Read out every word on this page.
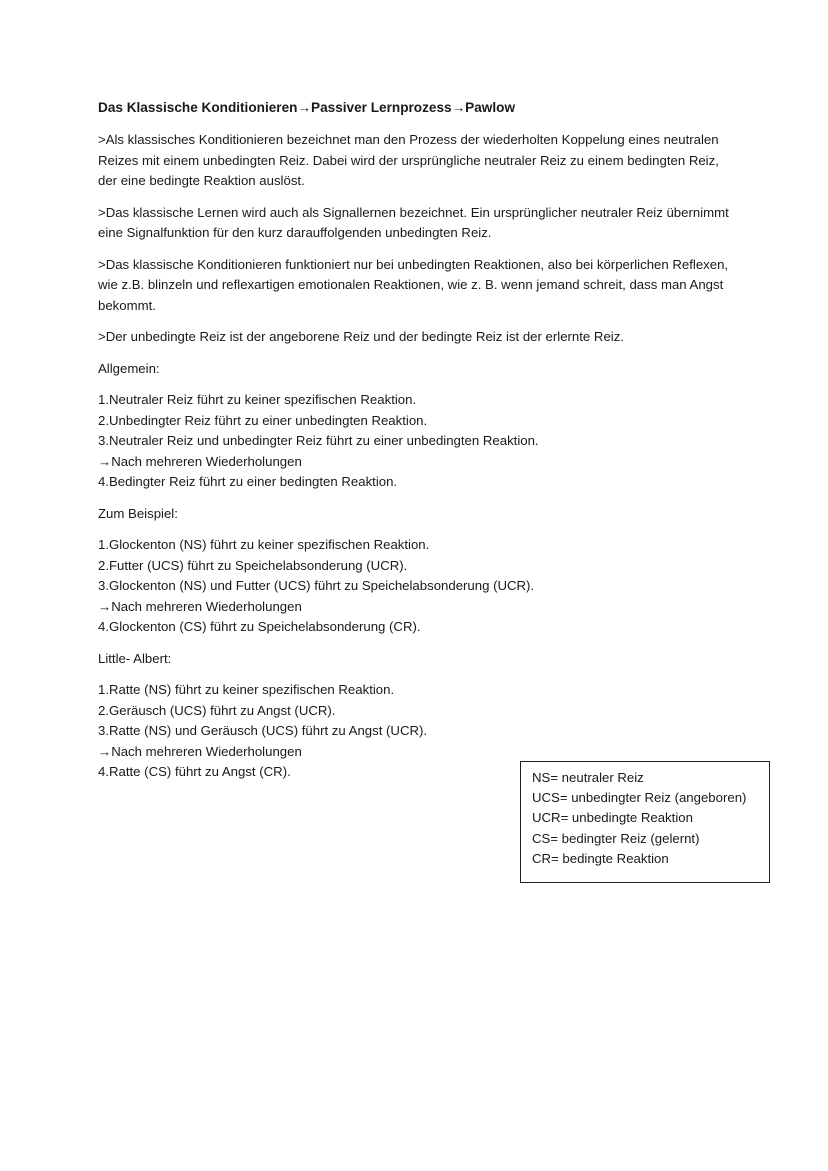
Das Klassische Konditionieren→Passiver Lernprozess→Pawlow

>Als klassisches Konditionieren bezeichnet man den Prozess der wiederholten Koppelung eines neutralen Reizes mit einem unbedingten Reiz. Dabei wird der ursprüngliche neutraler Reiz zu einem bedingten Reiz, der eine bedingte Reaktion auslöst.

>Das klassische Lernen wird auch als Signallernen bezeichnet. Ein ursprünglicher neutraler Reiz übernimmt eine Signalfunktion für den kurz darauffolgenden unbedingten Reiz.

>Das klassische Konditionieren funktioniert nur bei unbedingten Reaktionen, also bei körperlichen Reflexen, wie z.B. blinzeln und reflexartigen emotionalen Reaktionen, wie z. B. wenn jemand schreit, dass man Angst bekommt.

>Der unbedingte Reiz ist der angeborene Reiz und der bedingte Reiz ist der erlernte Reiz.

Allgemein:

1.Neutraler Reiz führt zu keiner spezifischen Reaktion.
2.Unbedingter Reiz führt zu einer unbedingten Reaktion.
3.Neutraler Reiz und unbedingter Reiz führt zu einer unbedingten Reaktion.
→Nach mehreren Wiederholungen
4.Bedingter Reiz führt zu einer bedingten Reaktion.

Zum Beispiel:

1.Glockenton (NS) führt zu keiner spezifischen Reaktion.
2.Futter (UCS) führt zu Speichelabsonderung (UCR).
3.Glockenton (NS) und Futter (UCS) führt zu Speichelabsonderung (UCR).
→Nach mehreren Wiederholungen
4.Glockenton (CS) führt zu Speichelabsonderung (CR).

Little- Albert:

1.Ratte (NS) führt zu keiner spezifischen Reaktion.
2.Geräusch (UCS) führt zu Angst (UCR).
3.Ratte (NS) und Geräusch (UCS) führt zu Angst (UCR).
→Nach mehreren Wiederholungen
4.Ratte (CS) führt zu Angst (CR).	NS= neutraler Reiz
UCS= unbedingter Reiz (angeboren)
UCR= unbedingte Reaktion
CS= bedingter Reiz (gelernt)
CR= bedingte Reaktion
